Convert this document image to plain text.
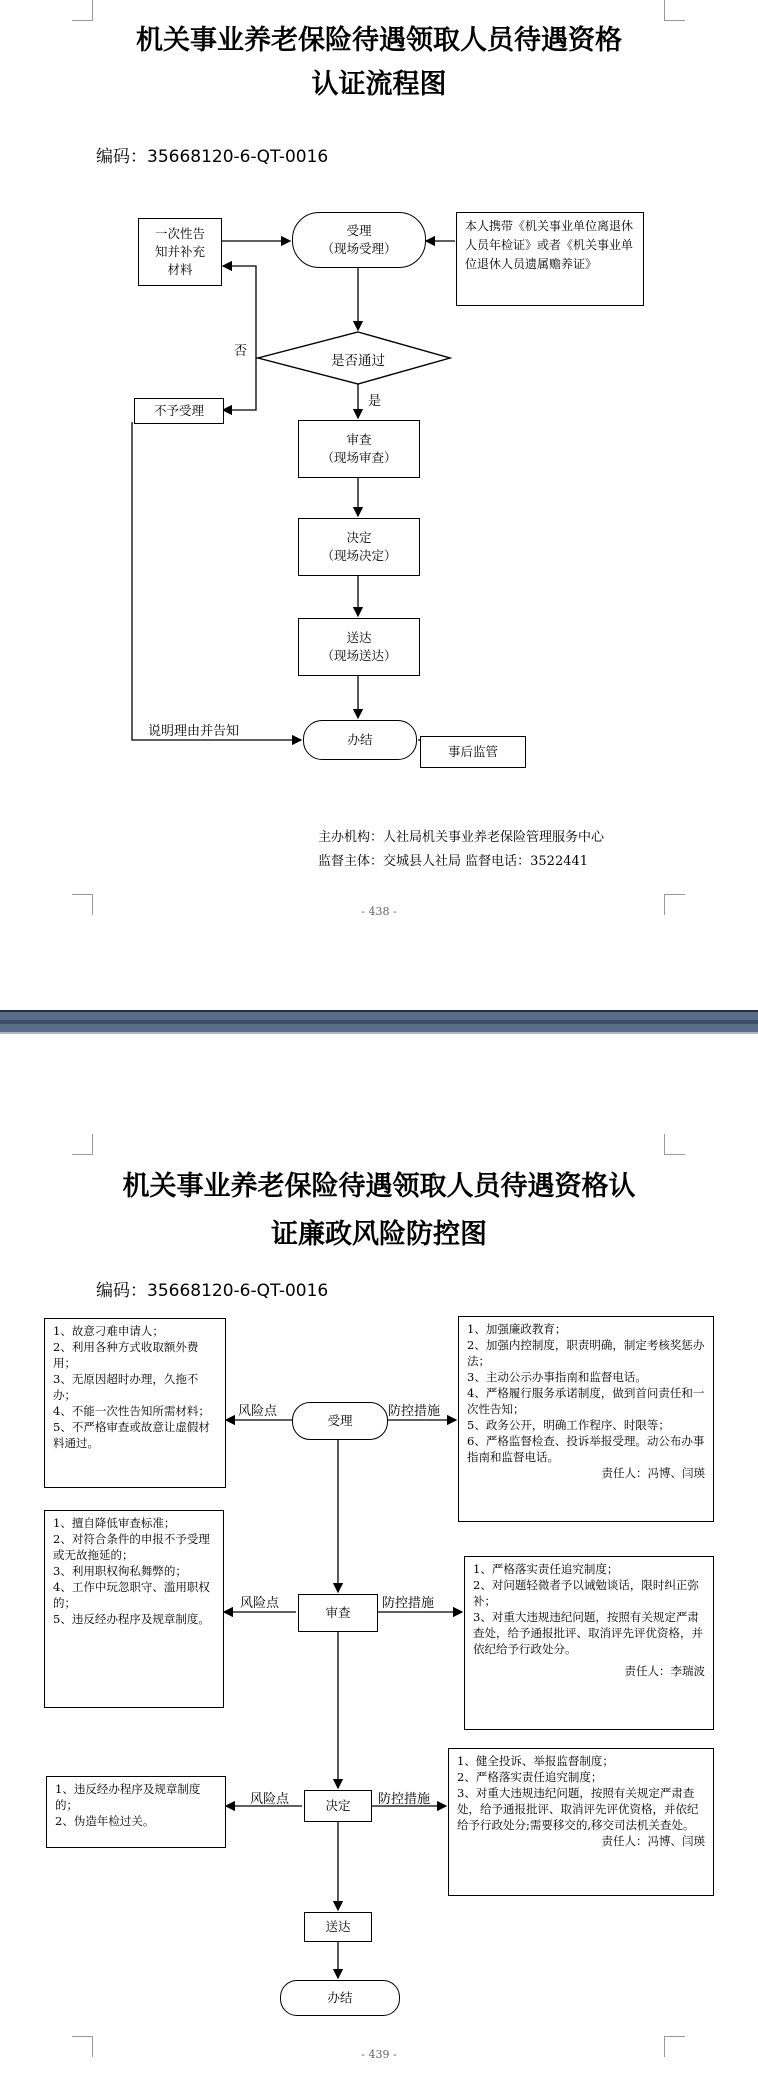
机关事业养老保险待遇领取人员待遇资格
认证流程图
编码：35668120-6-QT-0016
一次性告
知并补充
材料
受理
（现场受理）
本人携带《机关事业单位离退休人员年检证》或者《机关事业单位退休人员遗属赡养证》
是否通过
否
是
不予受理
审查
（现场审查）
决定
（现场决定）
送达
（现场送达）
办结
说明理由并告知
事后监管
主办机构：人社局机关事业养老保险管理服务中心
监督主体：交城县人社局 监督电话：3522441
- 438 -
机关事业养老保险待遇领取人员待遇资格认
证廉政风险防控图
编码：35668120-6-QT-0016
受理
风险点	防控措施
1、故意刁难申请人；
2、利用各种方式收取额外费用；
3、无原因超时办理，久拖不办；
4、不能一次性告知所需材料；
5、不严格审查或故意让虚假材料通过。
1、加强廉政教育；
2、加强内控制度，职责明确，制定考核奖惩办法；
3、主动公示办事指南和监督电话。
4、严格履行服务承诺制度，做到首问责任和一次性告知；
5、政务公开，明确工作程序、时限等；
6、严格监督检查、投诉举报受理。动公布办事指南和监督电话。
责任人：冯博、闫瑛
审查
风险点	防控措施
1、擅自降低审查标准；
2、对符合条件的申报不予受理或无故拖延的；
3、利用职权徇私舞弊的；
4、工作中玩忽职守、滥用职权的；
5、违反经办程序及规章制度。
1、严格落实责任追究制度；
2、对问题轻微者予以诫勉谈话，限时纠正弥补；
3、对重大违规违纪问题，按照有关规定严肃查处，给予通报批评、取消评先评优资格，并依纪给予行政处分。
责任人：李瑞波
决定
风险点	防控措施
1、违反经办程序及规章制度的；
2、伪造年检过关。
1、健全投诉、举报监督制度；
2、严格落实责任追究制度；
3、对重大违规违纪问题，按照有关规定严肃查处，给予通报批评、取消评先评优资格，并依纪给予行政处分;需要移交的,移交司法机关查处。
责任人：冯博、闫瑛
送达
办结
- 439 -
